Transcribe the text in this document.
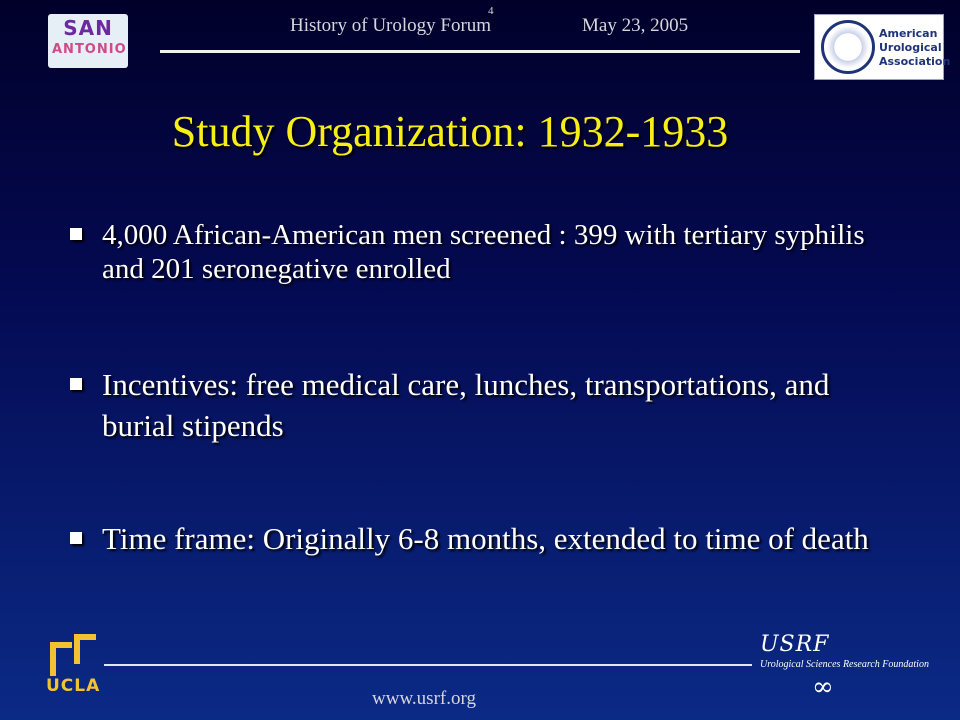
SAN
ANTONIO
4
History of Urology Forum	May 23, 2005	American Urological Association
Study Organization: 1932-1933
4,000 African-American men screened : 399 with tertiary syphilis and 201 seronegative enrolled
Incentives: free medical care, lunches, transportations, and burial stipends
Time frame: Originally 6-8 months, extended to time of death
UCLA
USRF
Urological Sciences Research Foundation
∞
www.usrf.org
